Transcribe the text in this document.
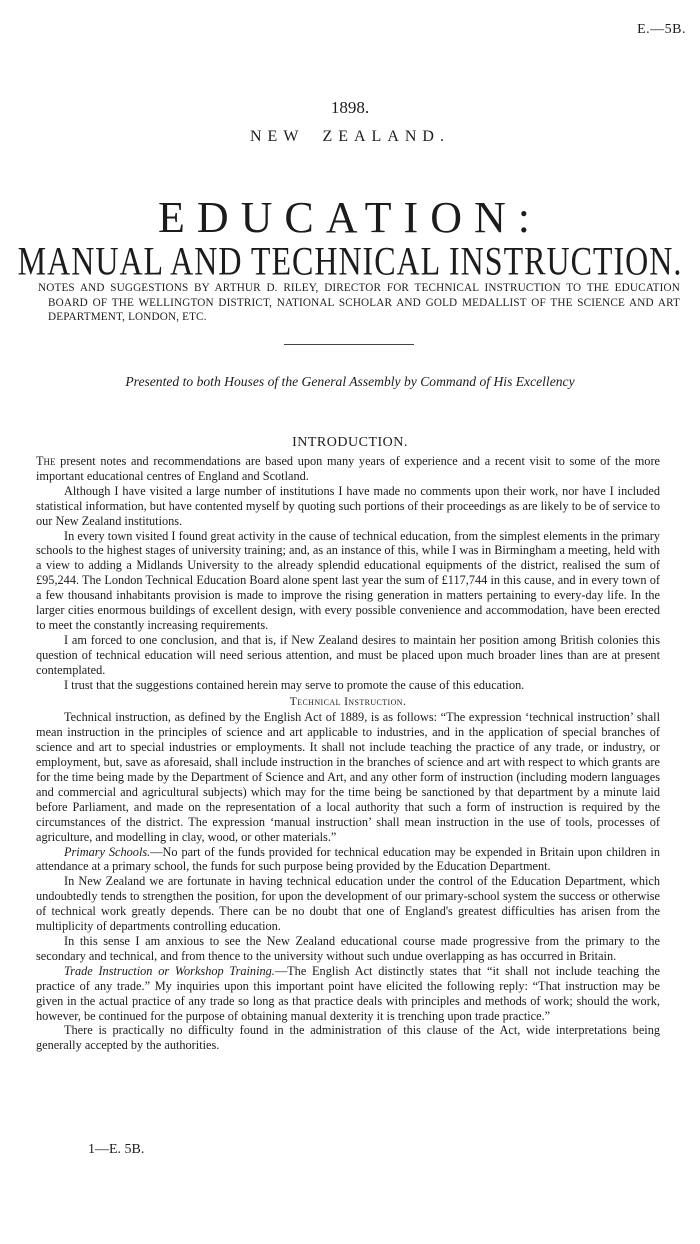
E.—5B.
1898.
NEW ZEALAND.
EDUCATION:
MANUAL AND TECHNICAL INSTRUCTION.
NOTES AND SUGGESTIONS BY ARTHUR D. RILEY, DIRECTOR FOR TECHNICAL INSTRUCTION TO THE EDUCATION BOARD OF THE WELLINGTON DISTRICT, NATIONAL SCHOLAR AND GOLD MEDALLIST OF THE SCIENCE AND ART DEPARTMENT, LONDON, ETC.
Presented to both Houses of the General Assembly by Command of His Excellency
INTRODUCTION.

The present notes and recommendations are based upon many years of experience and a recent visit to some of the more important educational centres of England and Scotland.

Although I have visited a large number of institutions I have made no comments upon their work, nor have I included statistical information, but have contented myself by quoting such portions of their proceedings as are likely to be of service to our New Zealand institutions.

In every town visited I found great activity in the cause of technical education, from the simplest elements in the primary schools to the highest stages of university training; and, as an instance of this, while I was in Birmingham a meeting, held with a view to adding a Midlands University to the already splendid educational equipments of the district, realised the sum of £95,244. The London Technical Education Board alone spent last year the sum of £117,744 in this cause, and in every town of a few thousand inhabitants provision is made to improve the rising generation in matters pertaining to every-day life. In the larger cities enormous buildings of excellent design, with every possible convenience and accommodation, have been erected to meet the constantly increasing requirements.

I am forced to one conclusion, and that is, if New Zealand desires to maintain her position among British colonies this question of technical education will need serious attention, and must be placed upon much broader lines than are at present contemplated.

I trust that the suggestions contained herein may serve to promote the cause of this education.

Technical Instruction.

Technical instruction, as defined by the English Act of 1889, is as follows: “The expression ‘technical instruction’ shall mean instruction in the principles of science and art applicable to industries, and in the application of special branches of science and art to special industries or employments. It shall not include teaching the practice of any trade, or industry, or employment, but, save as aforesaid, shall include instruction in the branches of science and art with respect to which grants are for the time being made by the Department of Science and Art, and any other form of instruction (including modern languages and commercial and agricultural subjects) which may for the time being be sanctioned by that department by a minute laid before Parliament, and made on the representation of a local authority that such a form of instruction is required by the circumstances of the district. The expression ‘manual instruction’ shall mean instruction in the use of tools, processes of agriculture, and modelling in clay, wood, or other materials.”

Primary Schools.—No part of the funds provided for technical education may be expended in Britain upon children in attendance at a primary school, the funds for such purpose being provided by the Education Department.

In New Zealand we are fortunate in having technical education under the control of the Education Department, which undoubtedly tends to strengthen the position, for upon the development of our primary-school system the success or otherwise of technical work greatly depends. There can be no doubt that one of England's greatest difficulties has arisen from the multiplicity of departments controlling education.

In this sense I am anxious to see the New Zealand educational course made progressive from the primary to the secondary and technical, and from thence to the university without such undue overlapping as has occurred in Britain.

Trade Instruction or Workshop Training.—The English Act distinctly states that “it shall not include teaching the practice of any trade.” My inquiries upon this important point have elicited the following reply: “That instruction may be given in the actual practice of any trade so long as that practice deals with principles and methods of work; should the work, however, be continued for the purpose of obtaining manual dexterity it is trenching upon trade practice.”

There is practically no difficulty found in the administration of this clause of the Act, wide interpretations being generally accepted by the authorities.

1—E. 5B.
